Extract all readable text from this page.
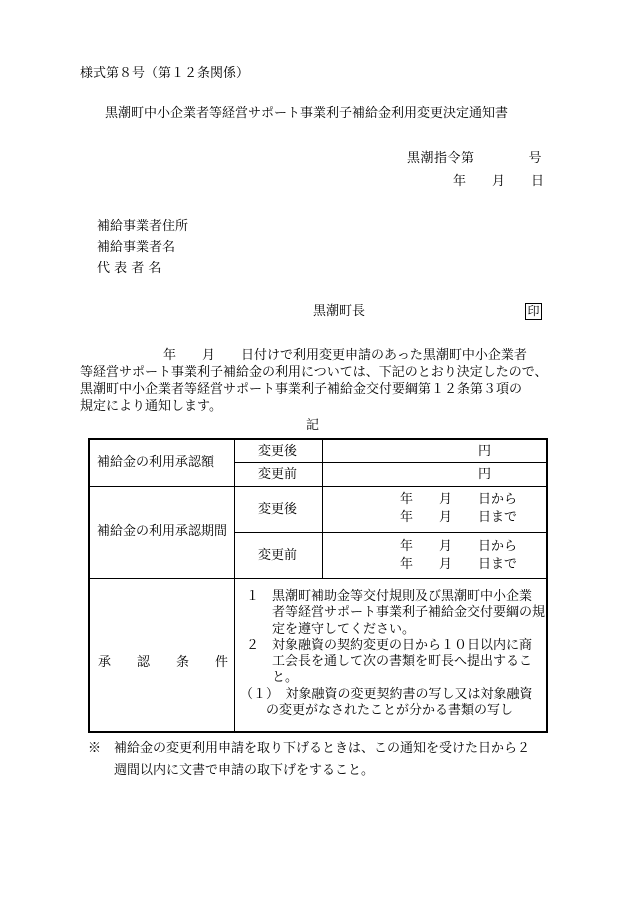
様式第８号（第１２条関係）
黒潮町中小企業者等経営サポート事業利子補給金利用変更決定通知書
黒潮指令第　　　　号
年　　月　　日
補給事業者住所
補給事業者名
代 表 者 名
黒潮町長	印
年　　月　　日付けで利用変更申請のあった黒潮町中小企業者
等経営サポート事業利子補給金の利用については、下記のとおり決定したので、
黒潮町中小企業者等経営サポート事業利子補給金交付要綱第１２条第３項の
規定により通知します。
記
補給金の利用承認額
変更後
変更前
円
円
補給金の利用承認期間
変更後
変更前
年　　月　　日から
年　　月　　日まで
年　　月　　日から
年　　月　　日まで
承　　認　　条　　件
１　黒潮町補助金等交付規則及び黒潮町中小企業
　　者等経営サポート事業利子補給金交付要綱の規
　　定を遵守してください。
２　対象融資の契約変更の日から１０日以内に商
　　工会長を通して次の書類を町長へ提出するこ
　　と。
（１）　対象融資の変更契約書の写し又は対象融資
　　の変更がなされたことが分かる書類の写し
※　補給金の変更利用申請を取り下げるときは、この通知を受けた日から２
　　週間以内に文書で申請の取下げをすること。
